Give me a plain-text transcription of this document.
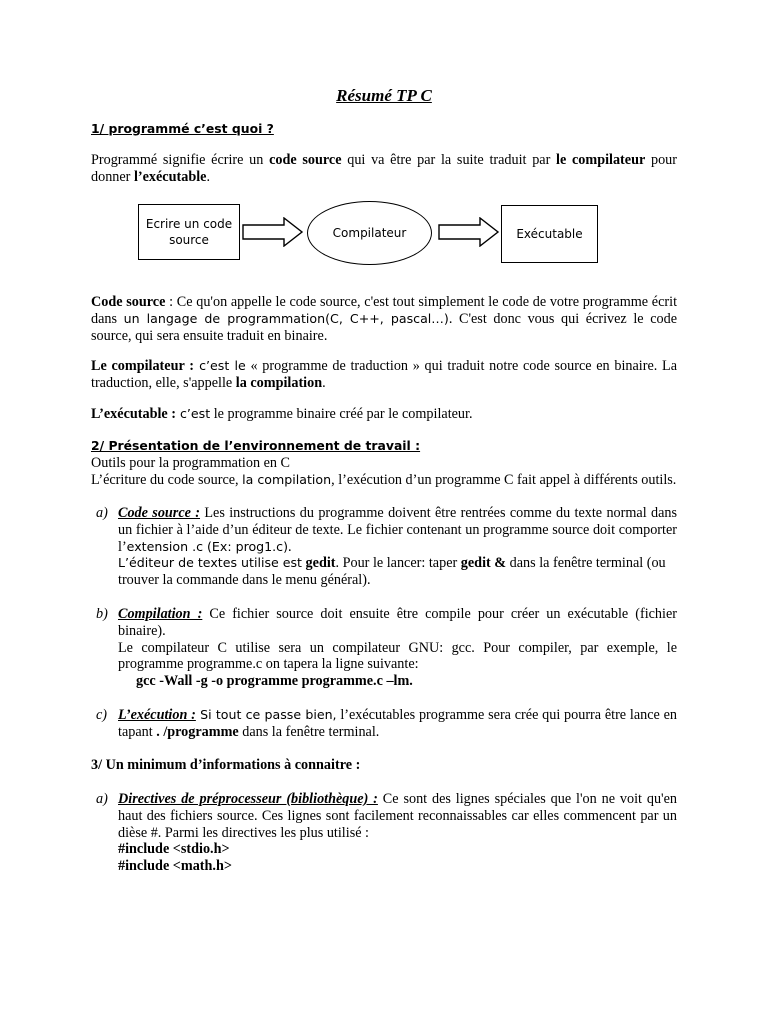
Résumé TP C
1/ programmé c’est quoi ?
Programmé signifie écrire un code source qui va être par la suite traduit par le compilateur pour donner l’exécutable.
Ecrire un code source	Compilateur	Exécutable
Code source : Ce qu'on appelle le code source, c'est tout simplement le code de votre programme écrit dans un langage de programmation(C, C++, pascal…). C'est donc vous qui écrivez le code source, qui sera ensuite traduit en binaire.
Le compilateur : c’est le « programme de traduction » qui traduit notre code source en binaire. La traduction, elle, s'appelle la compilation.
L’exécutable : c’est le programme binaire créé par le compilateur.
2/ Présentation de l’environnement de travail :
Outils pour la programmation en C
L’écriture du code source, la compilation, l’exécution d’un programme C fait appel à différents outils.
a) Code source : Les instructions du programme doivent être rentrées comme du texte normal dans un fichier à l’aide d’un éditeur de texte. Le fichier contenant un programme source doit comporter l’extension .c (Ex: prog1.c).
L’éditeur de textes utilise est gedit. Pour le lancer: taper gedit & dans la fenêtre terminal (ou trouver la commande dans le menu général).
b) Compilation : Ce fichier source doit ensuite être compile pour créer un exécutable (fichier binaire).
Le compilateur C utilise sera un compilateur GNU: gcc. Pour compiler, par exemple, le programme programme.c on tapera la ligne suivante:
gcc -Wall -g -o programme programme.c –lm.
c) L’exécution : Si tout ce passe bien, l’exécutables programme sera crée qui pourra être lance en tapant . /programme dans la fenêtre terminal.
3/ Un minimum d’informations à connaitre :
a) Directives de préprocesseur (bibliothèque) : Ce sont des lignes spéciales que l'on ne voit qu'en haut des fichiers source. Ces lignes sont facilement reconnaissables car elles commencent par un dièse #. Parmi les directives les plus utilisé :
#include <stdio.h>
#include <math.h>
